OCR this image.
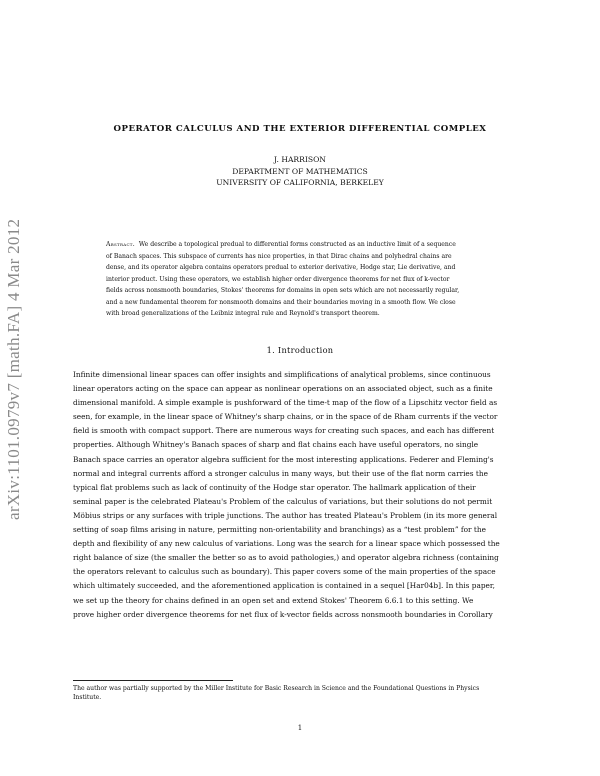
arXiv:1101.0979v7 [math.FA] 4 Mar 2012
OPERATOR CALCULUS AND THE EXTERIOR DIFFERENTIAL COMPLEX
J. HARRISON
DEPARTMENT OF MATHEMATICS
UNIVERSITY OF CALIFORNIA, BERKELEY
Abstract. We describe a topological predual to differential forms constructed as an inductive limit of a sequence
of Banach spaces. This subspace of currents has nice properties, in that Dirac chains and polyhedral chains are
dense, and its operator algebra contains operators predual to exterior derivative, Hodge star, Lie derivative, and
interior product. Using these operators, we establish higher order divergence theorems for net flux of k-vector
fields across nonsmooth boundaries, Stokes' theorems for domains in open sets which are not necessarily regular,
and a new fundamental theorem for nonsmooth domains and their boundaries moving in a smooth flow. We close
with broad generalizations of the Leibniz integral rule and Reynold's transport theorem.
1. Introduction
Infinite dimensional linear spaces can offer insights and simplifications of analytical problems, since continuous
linear operators acting on the space can appear as nonlinear operations on an associated object, such as a finite
dimensional manifold. A simple example is pushforward of the time-t map of the flow of a Lipschitz vector field as
seen, for example, in the linear space of Whitney's sharp chains, or in the space of de Rham currents if the vector
field is smooth with compact support. There are numerous ways for creating such spaces, and each has different
properties. Although Whitney's Banach spaces of sharp and flat chains each have useful operators, no single
Banach space carries an operator algebra sufficient for the most interesting applications. Federer and Fleming's
normal and integral currents afford a stronger calculus in many ways, but their use of the flat norm carries the
typical flat problems such as lack of continuity of the Hodge star operator. The hallmark application of their
seminal paper is the celebrated Plateau's Problem of the calculus of variations, but their solutions do not permit
Möbius strips or any surfaces with triple junctions. The author has treated Plateau's Problem (in its more general
setting of soap films arising in nature, permitting non-orientability and branchings) as a “test problem” for the
depth and flexibility of any new calculus of variations. Long was the search for a linear space which possessed the
right balance of size (the smaller the better so as to avoid pathologies,) and operator algebra richness (containing
the operators relevant to calculus such as boundary). This paper covers some of the main properties of the space
which ultimately succeeded, and the aforementioned application is contained in a sequel [Har04b]. In this paper,
we set up the theory for chains defined in an open set and extend Stokes' Theorem 6.6.1 to this setting. We
prove higher order divergence theorems for net flux of k-vector fields across nonsmooth boundaries in Corollary
The author was partially supported by the Miller Institute for Basic Research in Science and the Foundational Questions in Physics
Institute.
1
